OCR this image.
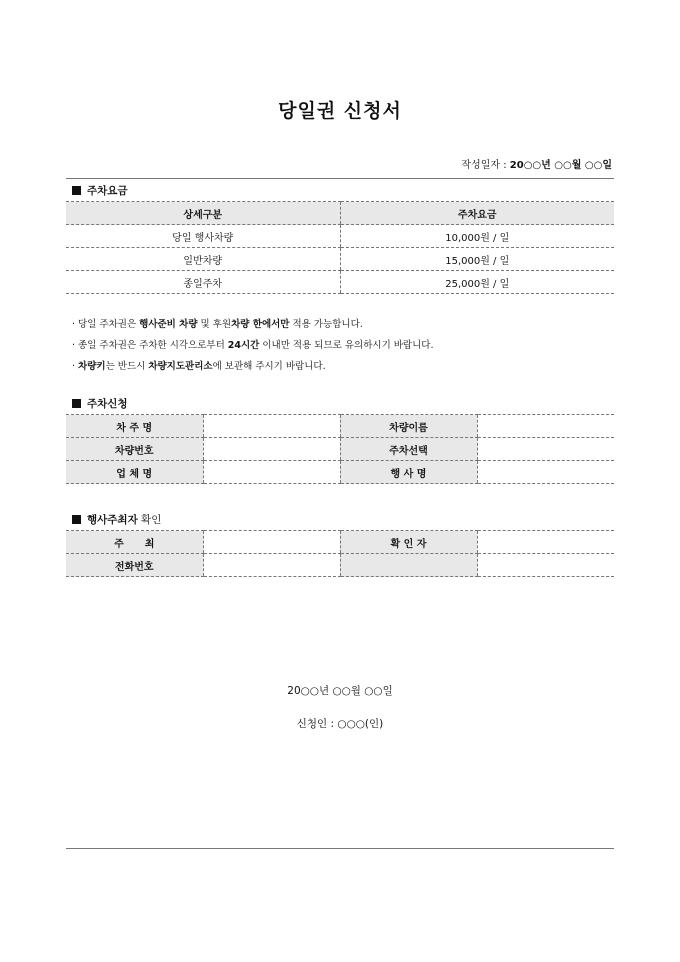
당일권 신청서
작성일자 : 20○○년 ○○월 ○○일
주차요금
상세구분	주차요금
당일 행사차량	10,000원 / 일
일반차량	15,000원 / 일
종일주차	25,000원 / 일
· 당일 주차권은 행사준비 차량 및 후원차량 한에서만 적용 가능합니다.
· 종일 주차권은 주차한 시각으로부터 24시간 이내만 적용 되므로 유의하시기 바랍니다.
· 차량키는 반드시 차량지도관리소에 보관해 주시기 바랍니다.
주차신청
차 주 명		차량이름	
차량번호		주차선택	
업 체 명		행 사 명	
행사주최자 확인
주      최		확 인 자	
전화번호			
20○○년 ○○월 ○○일
신청인 : ○○○(인)
